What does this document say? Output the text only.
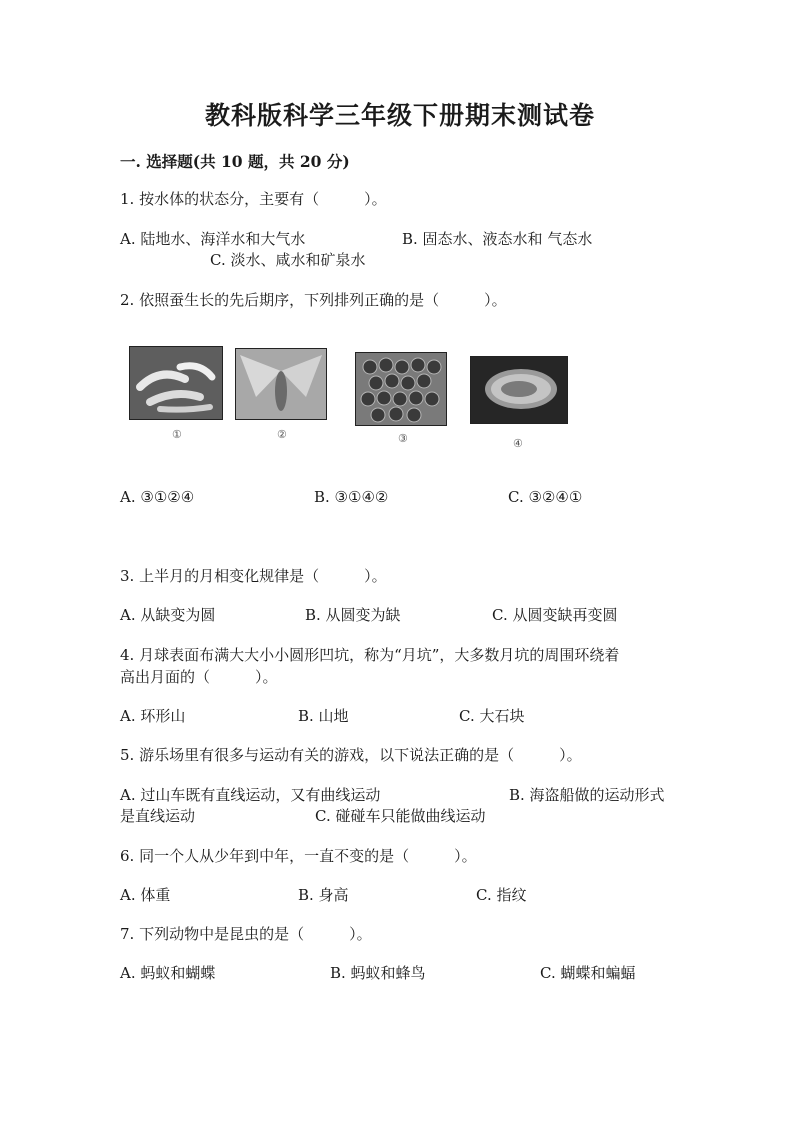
教科版科学三年级下册期末测试卷
一. 选择题(共 10 题，共 20 分)
1. 按水体的状态分，主要有（　　　）。
A. 陆地水、海洋水和大气水	B. 固态水、液态水和 气态水
C. 淡水、咸水和矿泉水
2. 依照蚕生长的先后期序，下列排列正确的是（　　　）。
①	②	③	④
A. ③①②④	B. ③①④②	C. ③②④①
3. 上半月的月相变化规律是（　　　）。
A. 从缺变为圆	B. 从圆变为缺	C. 从圆变缺再变圆
4. 月球表面布满大大小小圆形凹坑，称为“月坑”，大多数月坑的周围环绕着
高出月面的（　　　）。
A. 环形山	B. 山地	C. 大石块
5. 游乐场里有很多与运动有关的游戏，以下说法正确的是（　　　）。
A. 过山车既有直线运动，又有曲线运动	B. 海盗船做的运动形式
是直线运动	C. 碰碰车只能做曲线运动
6. 同一个人从少年到中年，一直不变的是（　　　）。
A. 体重	B. 身高	C. 指纹
7. 下列动物中是昆虫的是（　　　）。
A. 蚂蚁和蝴蝶	B. 蚂蚁和蜂鸟	C. 蝴蝶和蝙蝠
